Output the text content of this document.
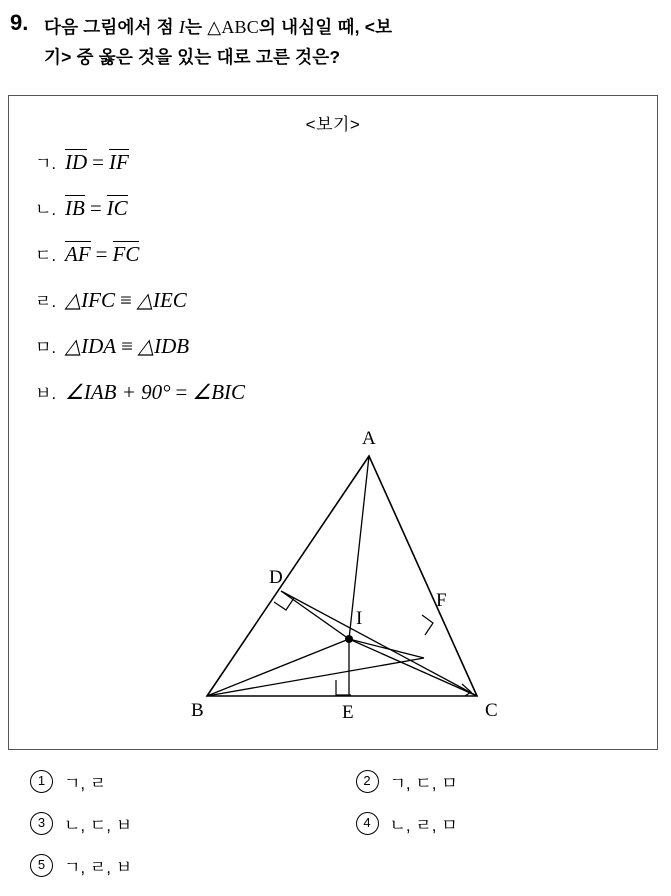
9. 다음 그림에서 점 I는 △ABC의 내심일 때, <보
기> 중 옳은 것을 있는 대로 고른 것은?
<보기>
ㄱ. ID = IF
ㄴ. IB = IC
ㄷ. AF = FC
ㄹ. △IFC ≡ △IEC
ㅁ. △IDA ≡ △IDB
ㅂ. ∠IAB + 90° = ∠BIC
A
B	C
D
E
F
I
1	ㄱ, ㄹ	2	ㄱ, ㄷ, ㅁ
3	ㄴ, ㄷ, ㅂ	4	ㄴ, ㄹ, ㅁ
5	ㄱ, ㄹ, ㅂ
